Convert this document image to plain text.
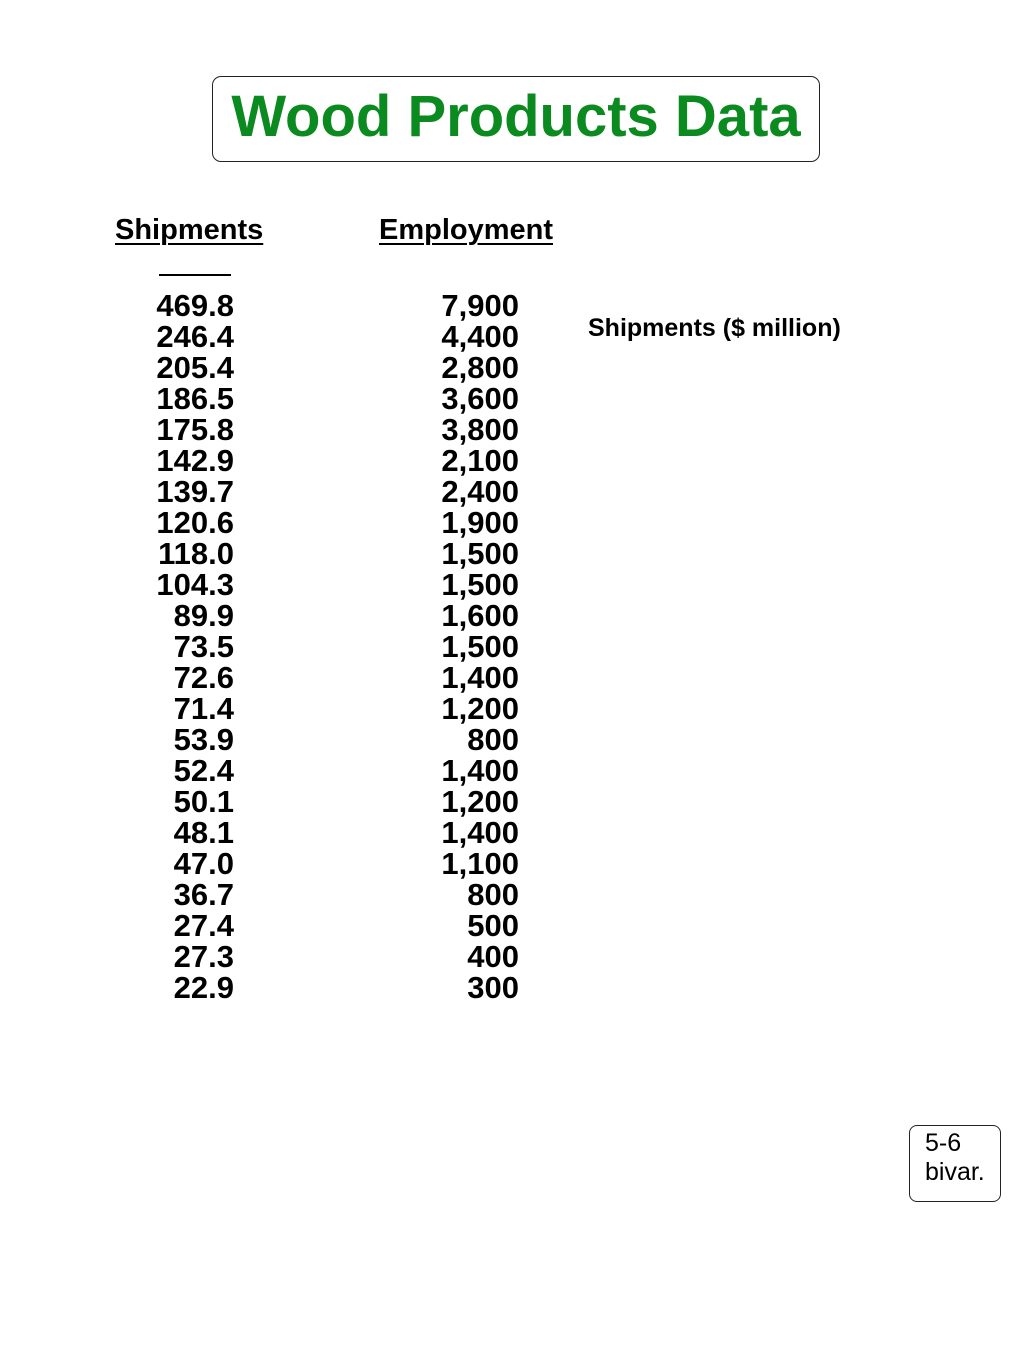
Wood Products Data
Shipments	Employment
469.8
246.4
205.4
186.5
175.8
142.9
139.7
120.6
118.0
104.3
89.9
73.5
72.6
71.4
53.9
52.4
50.1
48.1
47.0
36.7
27.4
27.3
22.9
7,900
4,400
2,800
3,600
3,800
2,100
2,400
1,900
1,500
1,500
1,600
1,500
1,400
1,200
800
1,400
1,200
1,400
1,100
800
500
400
300
Shipments ($ million)
5-6
bivar.
